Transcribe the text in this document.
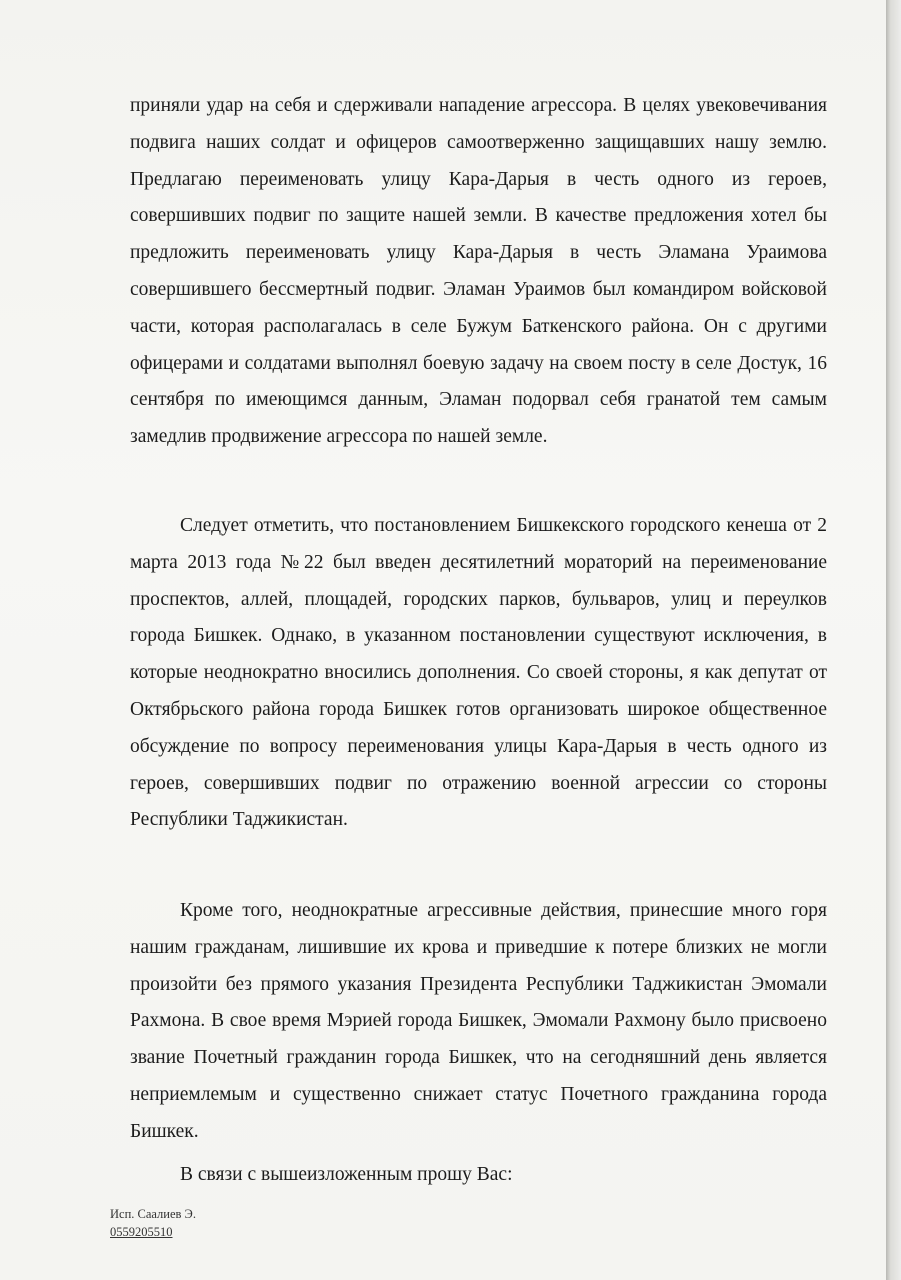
приняли удар на себя и сдерживали нападение агрессора. В целях увековечивания подвига наших солдат и офицеров самоотверженно защищавших нашу землю. Предлагаю переименовать улицу Кара-Дарыя в честь одного из героев, совершивших подвиг по защите нашей земли. В качестве предложения хотел бы предложить переименовать улицу Кара-Дарыя в честь Эламана Ураимова совершившего бессмертный подвиг. Эламан Ураимов был командиром войсковой части, которая располагалась в селе Бужум Баткенского района. Он с другими офицерами и солдатами выполнял боевую задачу на своем посту в селе Достук, 16 сентября по имеющимся данным, Эламан подорвал себя гранатой тем самым замедлив продвижение агрессора по нашей земле.

Следует отметить, что постановлением Бишкекского городского кенеша от 2 марта 2013 года №22 был введен десятилетний мораторий на переименование проспектов, аллей, площадей, городских парков, бульваров, улиц и переулков города Бишкек. Однако, в указанном постановлении существуют исключения, в которые неоднократно вносились дополнения. Со своей стороны, я как депутат от Октябрьского района города Бишкек готов организовать широкое общественное обсуждение по вопросу переименования улицы Кара-Дарыя в честь одного из героев, совершивших подвиг по отражению военной агрессии со стороны Республики Таджикистан.

Кроме того, неоднократные агрессивные действия, принесшие много горя нашим гражданам, лишившие их крова и приведшие к потере близких не могли произойти без прямого указания Президента Республики Таджикистан Эмомали Рахмона. В свое время Мэрией города Бишкек, Эмомали Рахмону было присвоено звание Почетный гражданин города Бишкек, что на сегодняшний день является неприемлемым и существенно снижает статус Почетного гражданина города Бишкек.

В связи с вышеизложенным прошу Вас:

Исп. Саалиев Э.
0559205510
